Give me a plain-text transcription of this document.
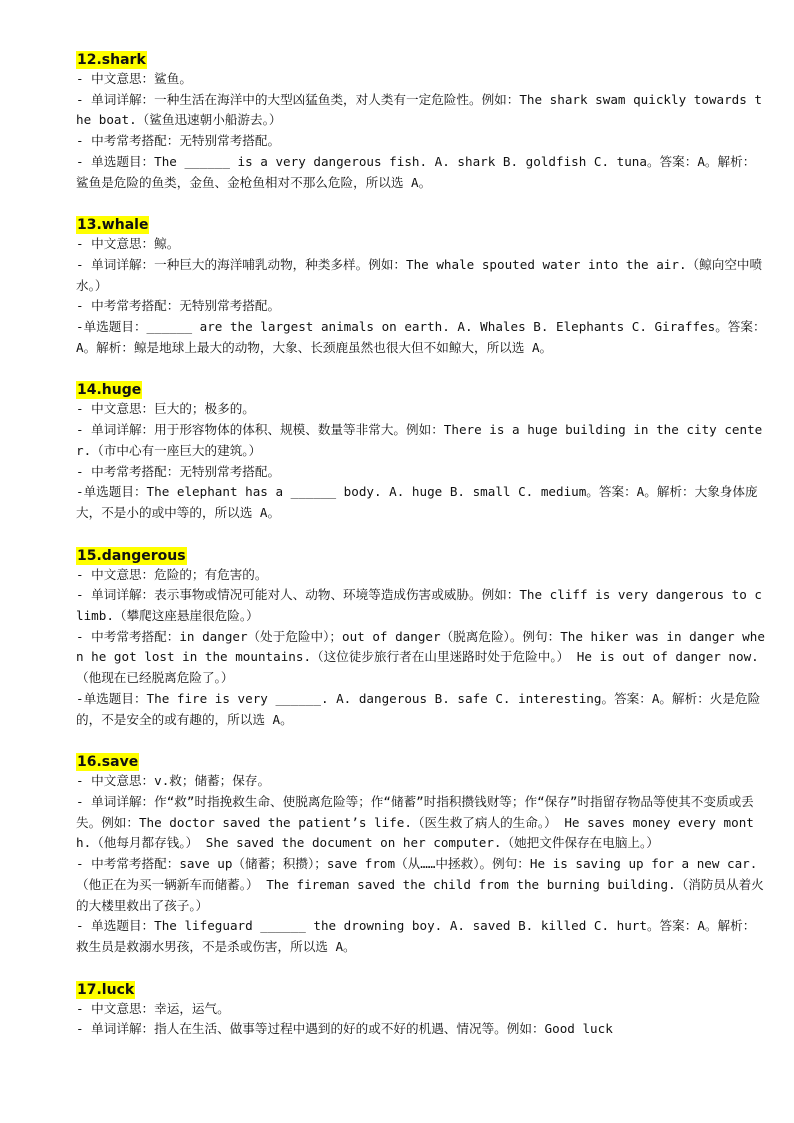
12.shark

- 中文意思：鲨鱼。

- 单词详解：一种生活在海洋中的大型凶猛鱼类，对人类有一定危险性。例如：The shark swam quickly towards the boat.（鲨鱼迅速朝小船游去。）

- 中考常考搭配：无特别常考搭配。

- 单选题目：The ______ is a very dangerous fish. A. shark B. goldfish C. tuna。答案：A。解析：鲨鱼是危险的鱼类，金鱼、金枪鱼相对不那么危险，所以选 A。

13.whale

- 中文意思：鲸。

- 单词详解：一种巨大的海洋哺乳动物，种类多样。例如：The whale spouted water into the air.（鲸向空中喷水。）

- 中考常考搭配：无特别常考搭配。

-单选题目：______ are the largest animals on earth. A. Whales B. Elephants C. Giraffes。答案：A。解析：鲸是地球上最大的动物，大象、长颈鹿虽然也很大但不如鲸大，所以选 A。

14.huge

- 中文意思：巨大的；极多的。

- 单词详解：用于形容物体的体积、规模、数量等非常大。例如：There is a huge building in the city center.（市中心有一座巨大的建筑。）

- 中考常考搭配：无特别常考搭配。

-单选题目：The elephant has a ______ body. A. huge B. small C. medium。答案：A。解析：大象身体庞大，不是小的或中等的，所以选 A。

15.dangerous

- 中文意思：危险的；有危害的。

- 单词详解：表示事物或情况可能对人、动物、环境等造成伤害或威胁。例如：The cliff is very dangerous to climb.（攀爬这座悬崖很危险。）

- 中考常考搭配：in danger（处于危险中）；out of danger（脱离危险）。例句：The hiker was in danger when he got lost in the mountains.（这位徒步旅行者在山里迷路时处于危险中。） He is out of danger now.（他现在已经脱离危险了。）

-单选题目：The fire is very ______. A. dangerous B. safe C. interesting。答案：A。解析：火是危险的，不是安全的或有趣的，所以选 A。

16.save

- 中文意思：v.救；储蓄；保存。

- 单词详解：作“救”时指挽救生命、使脱离危险等；作“储蓄”时指积攒钱财等；作“保存”时指留存物品等使其不变质或丢失。例如：The doctor saved the patient’s life.（医生救了病人的生命。） He saves money every month.（他每月都存钱。） She saved the document on her computer.（她把文件保存在电脑上。）

- 中考常考搭配：save up（储蓄；积攒）；save from（从……中拯救）。例句：He is saving up for a new car.（他正在为买一辆新车而储蓄。） The fireman saved the child from the burning building.（消防员从着火的大楼里救出了孩子。）

- 单选题目：The lifeguard ______ the drowning boy. A. saved B. killed C. hurt。答案：A。解析：救生员是救溺水男孩，不是杀或伤害，所以选 A。

17.luck

- 中文意思：幸运，运气。

- 单词详解：指人在生活、做事等过程中遇到的好的或不好的机遇、情况等。例如：Good luck
